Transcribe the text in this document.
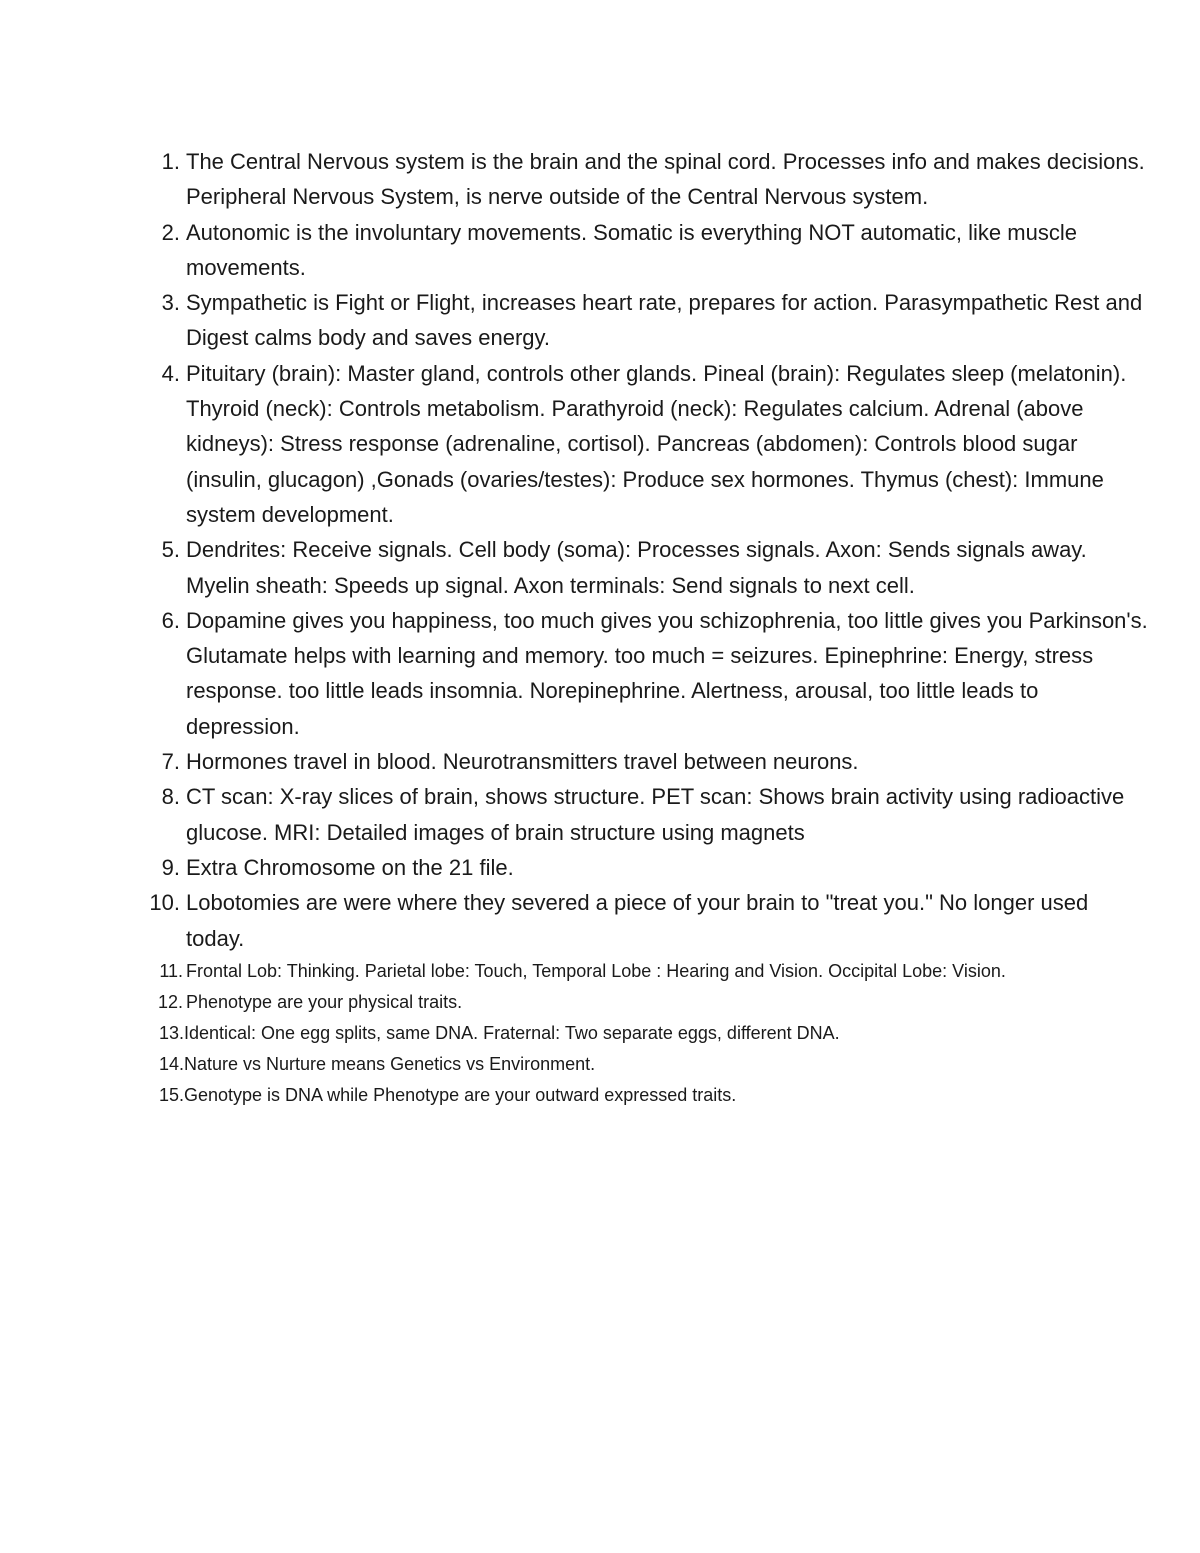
1. The Central Nervous system is the brain and the spinal cord. Processes info and makes decisions. Peripheral Nervous System, is nerve outside of the Central Nervous system.
2. Autonomic is the involuntary movements. Somatic is everything NOT automatic, like muscle movements.
3. Sympathetic is Fight or Flight, increases heart rate, prepares for action. Parasympathetic Rest and Digest calms body and saves energy.
4. Pituitary (brain): Master gland, controls other glands. Pineal (brain): Regulates sleep (melatonin). Thyroid (neck): Controls metabolism. Parathyroid (neck): Regulates calcium. Adrenal (above kidneys): Stress response (adrenaline, cortisol). Pancreas (abdomen): Controls blood sugar (insulin, glucagon) ,Gonads (ovaries/testes): Produce sex hormones. Thymus (chest): Immune system development.
5. Dendrites: Receive signals. Cell body (soma): Processes signals. Axon: Sends signals away. Myelin sheath: Speeds up signal. Axon terminals: Send signals to next cell.
6. Dopamine gives you happiness, too much gives you schizophrenia, too little gives you Parkinson's. Glutamate helps with learning and memory. too much = seizures. Epinephrine: Energy, stress response. too little leads insomnia. Norepinephrine. Alertness, arousal, too little leads to depression.
7. Hormones travel in blood. Neurotransmitters travel between neurons.
8. CT scan: X-ray slices of brain, shows structure. PET scan: Shows brain activity using radioactive glucose. MRI: Detailed images of brain structure using magnets
9. Extra Chromosome on the 21 file.
10. Lobotomies are were where they severed a piece of your brain to "treat you." No longer used today.
11. Frontal Lob: Thinking. Parietal lobe: Touch, Temporal Lobe : Hearing and Vision. Occipital Lobe: Vision.
12. Phenotype are your physical traits.
13. Identical: One egg splits, same DNA. Fraternal: Two separate eggs, different DNA.
14. Nature vs Nurture means Genetics vs Environment.
15. Genotype is DNA while Phenotype are your outward expressed traits.
